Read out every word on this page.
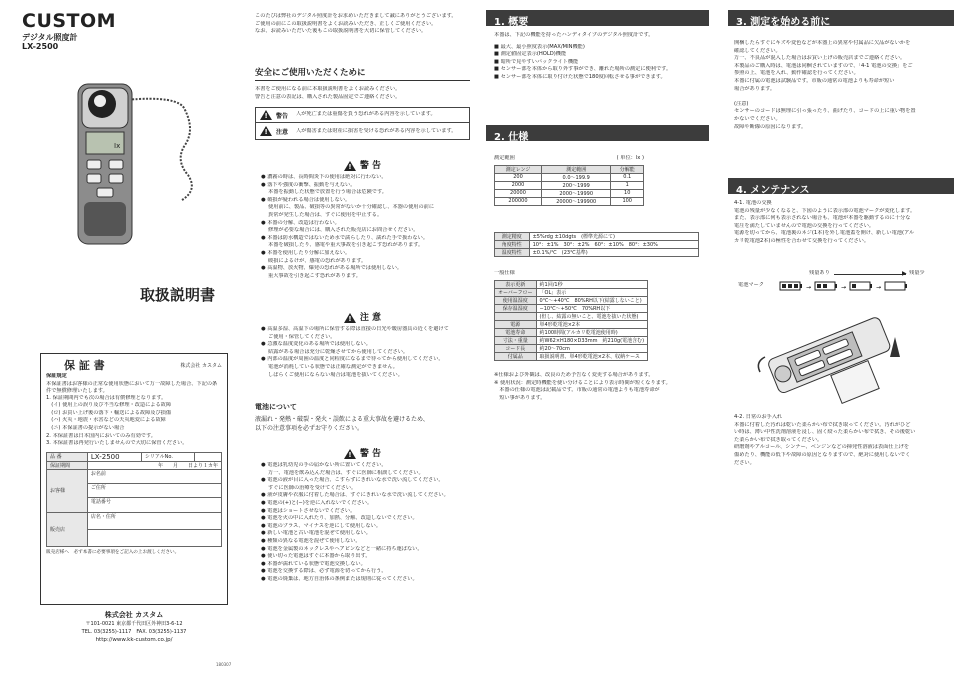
CUSTOM
デジタル照度計
LX-2500
Ix
取扱説明書
保 証 書	株式会社 カスタム
保証規定
本保証書はお客様の正常な使用状態において万一故障した場合、下記の条件で無償修理いたします。
1. 保証期間内でも次の場合は有償修理となります。
　(イ) 使用上の誤り及び不当な修理・改造による故障
　(ロ) お買い上げ後の落下・輸送による故障及び損傷
　(ハ) 火災・地震・水害などの天災地変による故障
　(ニ) 本保証書の提示がない場合
2. 本保証書は日本国内においてのみ有効です。
3. 本保証書は再発行いたしませんので大切に保管ください。
品 番	LX-2500	シリアルNo.	
保証期間	年　　月　　日より１カ年		
お客様	お名前		
	ご住所		
	電話番号		
販売店	店名・住所		

販売店様へ　必ず本書に必要事項をご記入の上お渡しください。
株式会社 カスタム
〒101-0021 東京都千代田区外神田3-6-12
TEL. 03(3255)-1117　FAX. 03(3255)-1137
http://www.kk-custom.co.jp/
180307
このたびは弊社のデジタル照度計をお求めいただきまして誠にありがとうございます。
ご使用の前にこの取扱説明書をよくお読みいただき、正しくご使用ください。
なお、お読みいただいた後もこの取扱説明書を大切に保管してください。
安全にご使用いただくために
本書をご使用になる前に本取扱説明書をよくお読みください。
警告と注意の表記は、購入された製品固定でご連絡ください。
!
警告	人が死亡または重傷を負う恐れがある内容を示しています。
!
注意	人が傷害または財産に損害を受ける恐れがある内容を示しています。
!警 告
● 濃霧の時は、長時間炎下の使用は絶対に行わない。
● 落下や強度の衝撃、振動を与えない。
本器を振動した状態で放置を行う場合は危険です。
● 破損が疑われる場合は使用しない。
使用前に、製品、破損等の異常がないか十分確認し、本器の使用の前に
異常が発生した場合は、すぐに使用を中止する。
● 本器の分解、改造は行わない。
修理が必要な場合には、購入された販売店にお問合せください。
● 本器は防水構造ではないため水で濡らしたり、濡れた手で扱わない。
本器を破損したり、感電や重大事故を引き起こす恐れがあります。
● 本器を使用したり分解に加えない。
破損によるけが、感電の恐れがあります。
● 高温物、放火物、爆発の恐れがある場所では使用しない。
重大事故を引き起こす恐れがあります。
!注 意
● 高温多湿、高温下の場所に保管する際は直接の日光や暖房器具の近くを避けて
ご使用・保管してください。
● 急激な温度変化のある場所では使用しない。
結露がある場合は充分に乾燥させてから使用してください。
● 内部の温度が周囲の温度と同程度になるまで待ってから使用してください。
電池が消耗している状態では正確な測定ができません。
しばらくご使用にならない場合は電池を抜いてください。
電池について
液漏れ・発熱・破裂・発火・誤飲による重大事故を避けるため、
以下の注意事項を必ずお守りください。
!警 告
● 電池は乳幼児の手の届かない所に置いてください。
万一、電池を飲み込んだ場合は、すぐに医師に相談してください。
● 電池の液が目に入った場合、こすらずにきれいな水で洗い流してください。
すぐに医師の治療を受けてください。
● 液が皮膚や衣服に付着した場合は、すぐにきれいな水で洗い流してください。
● 電池の(+)と(−)を逆に入れないでください。
● 電池はショートさせないでください。
● 電池を火の中に入れたり、加熱、分解、改造しないでください。
● 電池のプラス、マイナスを逆にして使用しない。
● 新しい電池と古い電池を混ぜて使用しない。
● 種類の異なる電池を混ぜて使用しない。
● 電池を金属製のネックレスやヘアピンなどと一緒に持ち運ばない。
● 使い切った電池はすぐに本器から取り出す。
● 本器が濡れている状態で電池交換しない。
● 電池を交換する際は、必ず電源を切ってから行う。
● 電池の廃棄は、地方自治体の条例または規則に従ってください。
1. 概要
本器は、下記の機能を持ったハンディタイプのデジタル照度計です。
■ 最大、最小照度表示(MAX/MIN機能)
■ 測定値固定表示(HOLD)機能
■ 暗所で見やすいバックライト機能
■ センサー部を本体から取り外す事ができ、離れた場所の測定に便利です。
■ センサー部を本体に取り付けた状態で180度回転させる事ができます。
2. 仕様
測定範囲	( 単位：lx )
測定レンジ	測定範囲	分解能
200	0.0〜199.9	0.1
2000	200〜1999	1
20000	2000〜19990	10
200000	20000〜199900	100
測定精度	±5%rdg ±10dgts　(標準光源にて)
角度特性	10°：±1%　30°：±2%　60°：±10%　80°：±30%
温度特性	±0.1%/℃　(23℃基準)
一般仕様
表示更新	約1回/1秒
オーバーフロー	「OL」表示
使用温湿度	0℃〜+40℃　80%RH以下(結露しないこと)
保存温湿度	−10℃〜+50℃　70%RH以下
	(但し、結露の無いこと、電池を抜いた状態)
電源	単4形乾電池×2本
電池寿命	約100時間(アルカリ乾電池使用時)
寸法・重量	約W62×H180×D33mm　約210g(電池含む)
コード長	約20〜70cm
付属品	取扱説明書、単4形乾電池×2本、収納ケース
※仕様および外観は、改良のため予告なく変更する場合があります。
※ 使用状況：測定時機能を使い分けることにより表示時間が短くなります。
　本器の仕様の電池は記載品です。市販の通常の電池よりも電池寿命が
　短い事があります。
3. 測定を始める前に
開梱したらすぐにキズや変色などが本器上の異常や付属品に欠品がないかを
確認してください。
万一、不良品が混入した場合はお買い上げの販売店までご連絡ください。
本製品のご購入時は、電池は同梱されていますので、「4-1 電池の交換」をご
参照の上、電池を入れ、動作確認を行ってください。
本器に付属の電池は試験品です。市販の通常の電池よりも寿命が短い
場合があります。
(注意)
センサーのコードは無理に引っ張ったり、曲げたり、コードの上に重い物を置
かないでください。
故障や断線の原因になります。
4. メンテナンス
4-1. 電池の交換
電池の残量が少なくなると、下図のように表示部の電池マークが変化します。
また、表示部に何も表示されない場合も、電池が本器を駆動するのに十分な
電圧を満たしていませんので電池の交換を行ってください。
電源を切ってから、電池裏のネジ(1本)を外し電池蓋を開け、新しい電池(アル
カリ乾電池2本)の極性を合わせて交換を行ってください。
残量あり	残量少
▶
電池マーク	→	→	→
4-2. 日常のお手入れ
本器に付着した汚れは乾いた柔らかい布で拭き取ってください。汚れがひど
い時は、薄い中性洗剤溶液を浸し、固く絞った柔らかい布で拭き、その後乾い
た柔らかい布で拭き取ってください。
研磨剤やアルコール、シンナー、ベンジンなどの揮発性溶液は表面仕上げを
傷めたり、機能の低下や故障の原因となりますので、絶対に使用しないでく
ださい。
